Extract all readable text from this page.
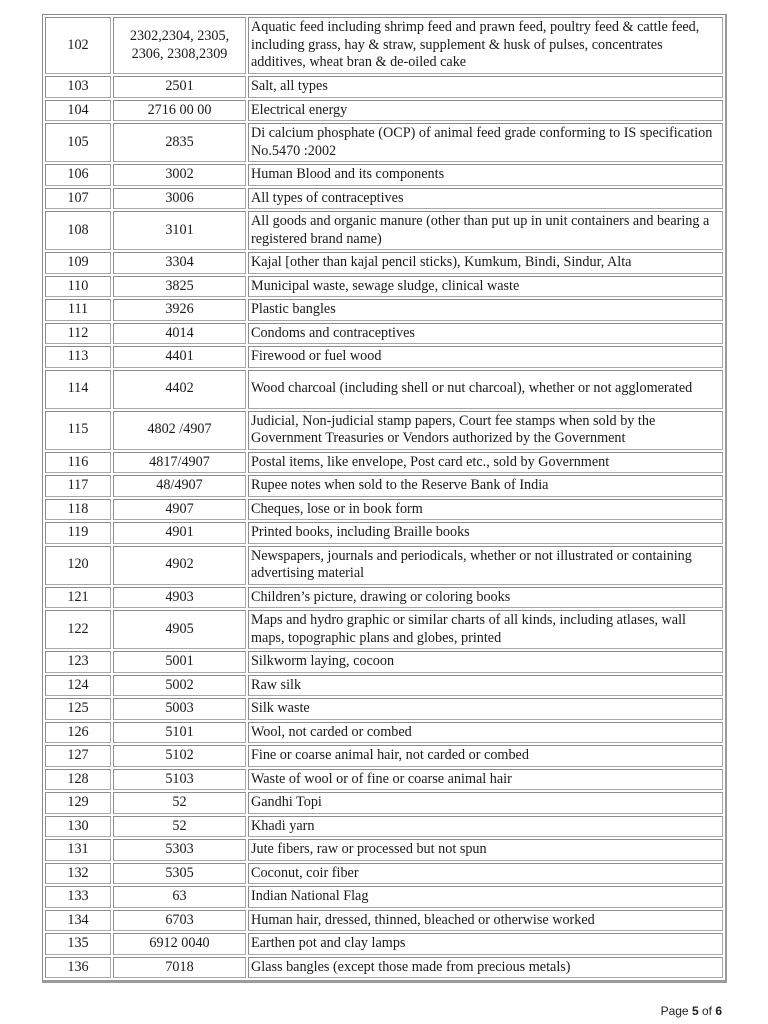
102	2302,2304, 2305, 2306, 2308,2309	Aquatic feed including shrimp feed and prawn feed, poultry feed & cattle feed, including grass, hay & straw, supplement & husk of pulses, concentrates additives, wheat bran & de-oiled cake
103	2501	Salt, all types
104	2716 00 00	Electrical energy
105	2835	Di calcium phosphate (OCP) of animal feed grade conforming to IS specification No.5470 :2002
106	3002	Human Blood and its components
107	3006	All types of contraceptives
108	3101	All goods and organic manure (other than put up in unit containers and bearing a registered brand name)
109	3304	Kajal [other than kajal pencil sticks), Kumkum, Bindi, Sindur, Alta
110	3825	Municipal waste, sewage sludge, clinical waste
111	3926	Plastic bangles
112	4014	Condoms and contraceptives
113	4401	Firewood or fuel wood
114	4402	Wood charcoal (including shell or nut charcoal), whether or not agglomerated
115	4802 /4907	Judicial, Non-judicial stamp papers, Court fee stamps when sold by the Government Treasuries or Vendors authorized by the Government
116	4817/4907	Postal items, like envelope, Post card etc., sold by Government
117	48/4907	Rupee notes when sold to the Reserve Bank of India
118	4907	Cheques, lose or in book form
119	4901	Printed books, including Braille books
120	4902	Newspapers, journals and periodicals, whether or not illustrated or containing advertising material
121	4903	Children’s picture, drawing or coloring books
122	4905	Maps and hydro graphic or similar charts of all kinds, including atlases, wall maps, topographic plans and globes, printed
123	5001	Silkworm laying, cocoon
124	5002	Raw silk
125	5003	Silk waste
126	5101	Wool, not carded or combed
127	5102	Fine or coarse animal hair, not carded or combed
128	5103	Waste of wool or of fine or coarse animal hair
129	52	Gandhi Topi
130	52	Khadi yarn
131	5303	Jute fibers, raw or processed but not spun
132	5305	Coconut, coir fiber
133	63	Indian National Flag
134	6703	Human hair, dressed, thinned, bleached or otherwise worked
135	6912 0040	Earthen pot and clay lamps
136	7018	Glass bangles (except those made from precious metals)
Page 5 of 6
